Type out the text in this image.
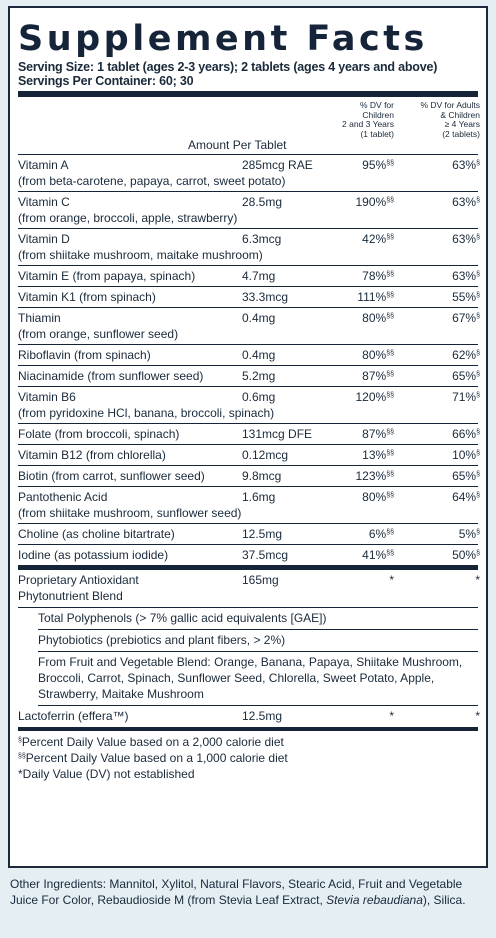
Supplement Facts
Serving Size: 1 tablet (ages 2-3 years); 2 tablets (ages 4 years and above)
Servings Per Container: 60; 30
Amount Per Tablet
% DV for
Children
2 and 3 Years
(1 tablet)
% DV for Adults
& Children
≥ 4 Years
(2 tablets)
Vitamin A
(from beta-carotene, papaya, carrot, sweet potato)
285mcg RAE	95%§§	63%§
Vitamin C
(from orange, broccoli, apple, strawberry)
28.5mg	190%§§	63%§
Vitamin D
(from shiitake mushroom, maitake mushroom)
6.3mcg	42%§§	63%§
Vitamin E (from papaya, spinach)	4.7mg	78%§§	63%§
Vitamin K1 (from spinach)	33.3mcg	111%§§	55%§
Thiamin
(from orange, sunflower seed)
0.4mg	80%§§	67%§
Riboflavin (from spinach)	0.4mg	80%§§	62%§
Niacinamide (from sunflower seed)	5.2mg	87%§§	65%§
Vitamin B6
(from pyridoxine HCl, banana, broccoli, spinach)
0.6mg	120%§§	71%§
Folate (from broccoli, spinach)	131mcg DFE	87%§§	66%§
Vitamin B12 (from chlorella)	0.12mcg	13%§§	10%§
Biotin (from carrot, sunflower seed)	9.8mcg	123%§§	65%§
Pantothenic Acid
(from shiitake mushroom, sunflower seed)
1.6mg	80%§§	64%§
Choline (as choline bitartrate)	12.5mg	6%§§	5%§
Iodine (as potassium iodide)	37.5mcg	41%§§	50%§
Proprietary Antioxidant
Phytonutrient Blend
165mg	*	*
Total Polyphenols (> 7% gallic acid equivalents [GAE])
Phytobiotics (prebiotics and plant fibers, > 2%)
From Fruit and Vegetable Blend: Orange, Banana, Papaya, Shiitake Mushroom, Broccoli, Carrot, Spinach, Sunflower Seed, Chlorella, Sweet Potato, Apple, Strawberry, Maitake Mushroom
Lactoferrin (effera™)	12.5mg	*	*
§Percent Daily Value based on a 2,000 calorie diet
§§Percent Daily Value based on a 1,000 calorie diet
*Daily Value (DV) not established
Other Ingredients: Mannitol, Xylitol, Natural Flavors, Stearic Acid, Fruit and Vegetable Juice For Color, Rebaudioside M (from Stevia Leaf Extract, Stevia rebaudiana), Silica.
